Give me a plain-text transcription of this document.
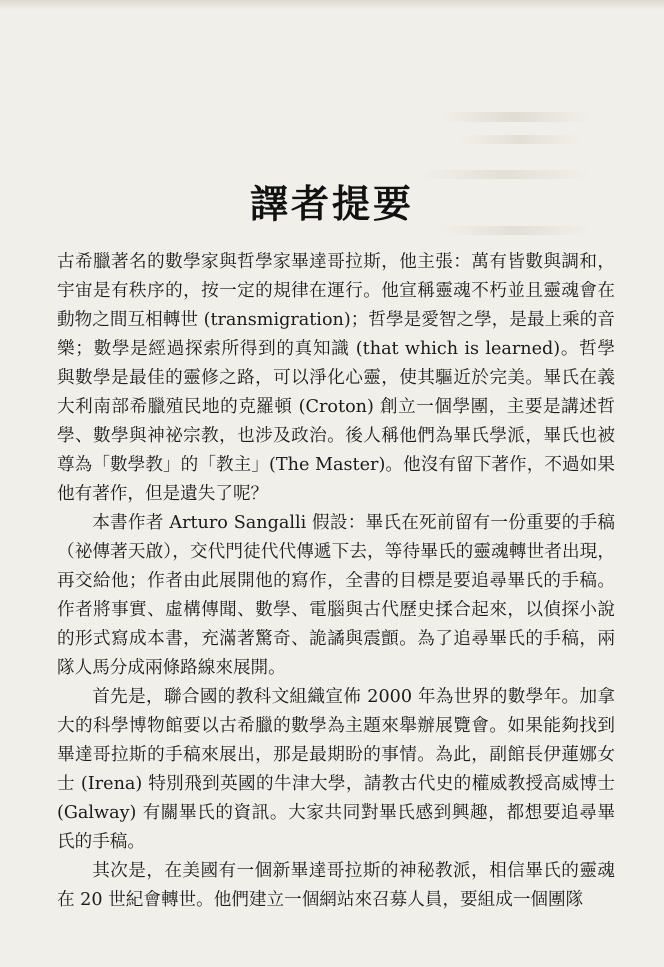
譯者提要

古希臘著名的數學家與哲學家畢達哥拉斯，他主張：萬有皆數與調和，宇宙是有秩序的，按一定的規律在運行。他宣稱靈魂不朽並且靈魂會在動物之間互相轉世 (transmigration)；哲學是愛智之學，是最上乘的音樂；數學是經過探索所得到的真知識 (that which is learned)。哲學與數學是最佳的靈修之路，可以淨化心靈，使其驅近於完美。畢氏在義大利南部希臘殖民地的克羅頓 (Croton) 創立一個學團，主要是講述哲學、數學與神祕宗教，也涉及政治。後人稱他們為畢氏學派，畢氏也被尊為「數學教」的「教主」(The Master)。他沒有留下著作，不過如果他有著作，但是遺失了呢？

本書作者 Arturo Sangalli 假設：畢氏在死前留有一份重要的手稿（祕傳著天啟），交代門徒代代傳遞下去，等待畢氏的靈魂轉世者出現，再交給他；作者由此展開他的寫作，全書的目標是要追尋畢氏的手稿。作者將事實、虛構傳聞、數學、電腦與古代歷史揉合起來，以偵探小說的形式寫成本書，充滿著驚奇、詭譎與震顫。為了追尋畢氏的手稿，兩隊人馬分成兩條路線來展開。

首先是，聯合國的教科文組織宣佈 2000 年為世界的數學年。加拿大的科學博物館要以古希臘的數學為主題來舉辦展覽會。如果能夠找到畢達哥拉斯的手稿來展出，那是最期盼的事情。為此，副館長伊蓮娜女士 (Irena) 特別飛到英國的牛津大學，請教古代史的權威教授高威博士 (Galway) 有關畢氏的資訊。大家共同對畢氏感到興趣，都想要追尋畢氏的手稿。

其次是，在美國有一個新畢達哥拉斯的神秘教派，相信畢氏的靈魂在 20 世紀會轉世。他們建立一個網站來召募人員，要組成一個團隊
